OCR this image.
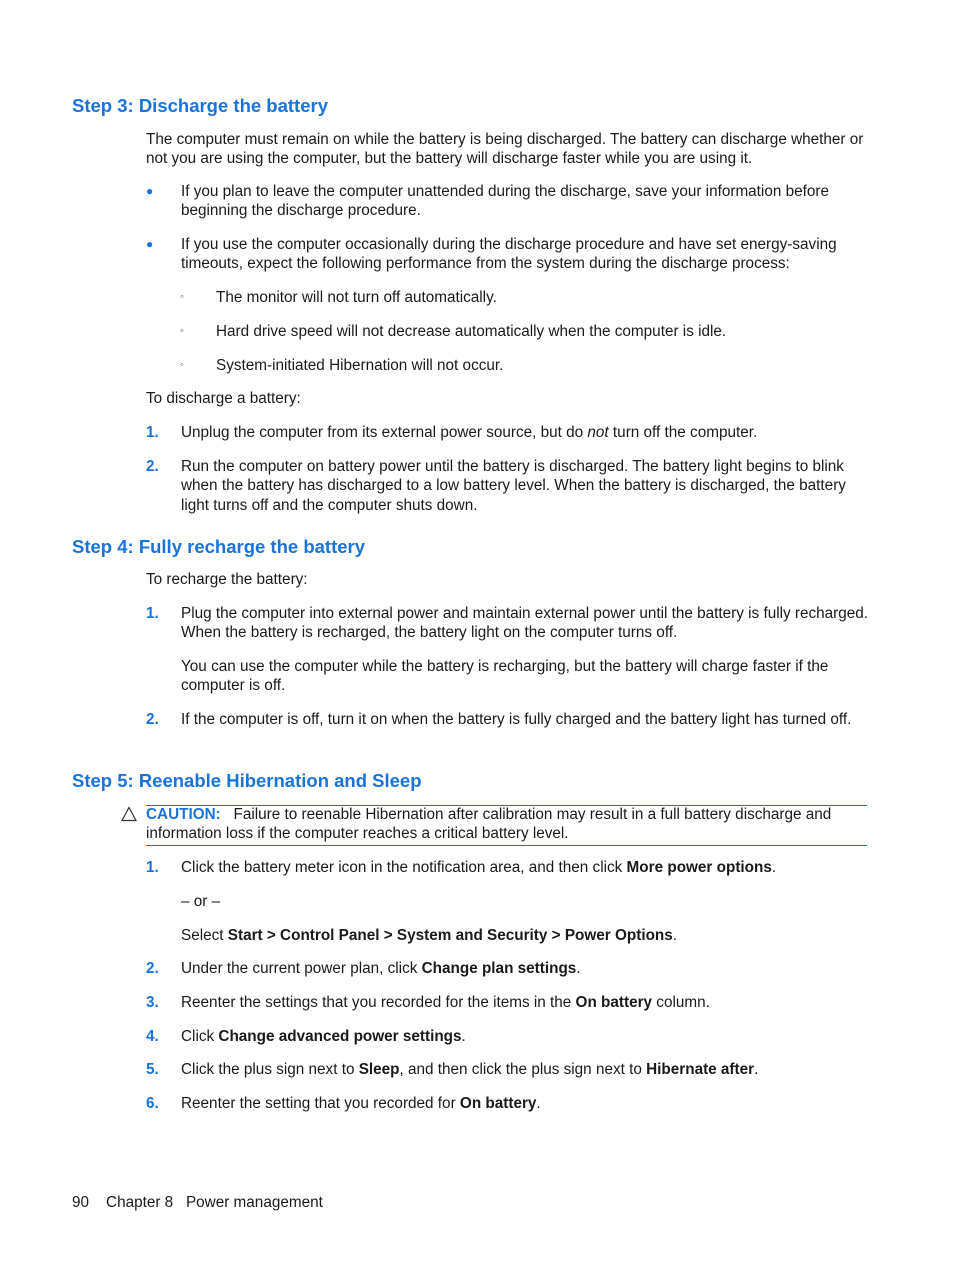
Step 3: Discharge the battery

The computer must remain on while the battery is being discharged. The battery can discharge whether or not you are using the computer, but the battery will discharge faster while you are using it.

● If you plan to leave the computer unattended during the discharge, save your information before beginning the discharge procedure.

● If you use the computer occasionally during the discharge procedure and have set energy-saving timeouts, expect the following performance from the system during the discharge process:

◦ The monitor will not turn off automatically.

◦ Hard drive speed will not decrease automatically when the computer is idle.

◦ System-initiated Hibernation will not occur.

To discharge a battery:

1. Unplug the computer from its external power source, but do not turn off the computer.

2. Run the computer on battery power until the battery is discharged. The battery light begins to blink when the battery has discharged to a low battery level. When the battery is discharged, the battery light turns off and the computer shuts down.

Step 4: Fully recharge the battery

To recharge the battery:

1. Plug the computer into external power and maintain external power until the battery is fully recharged. When the battery is recharged, the battery light on the computer turns off.

You can use the computer while the battery is recharging, but the battery will charge faster if the computer is off.

2. If the computer is off, turn it on when the battery is fully charged and the battery light has turned off.

Step 5: Reenable Hibernation and Sleep

CAUTION: Failure to reenable Hibernation after calibration may result in a full battery discharge and information loss if the computer reaches a critical battery level.

1. Click the battery meter icon in the notification area, and then click More power options.

– or –

Select Start > Control Panel > System and Security > Power Options.

2. Under the current power plan, click Change plan settings.

3. Reenter the settings that you recorded for the items in the On battery column.

4. Click Change advanced power settings.

5. Click the plus sign next to Sleep, and then click the plus sign next to Hibernate after.

6. Reenter the setting that you recorded for On battery.

90 Chapter 8 Power management
